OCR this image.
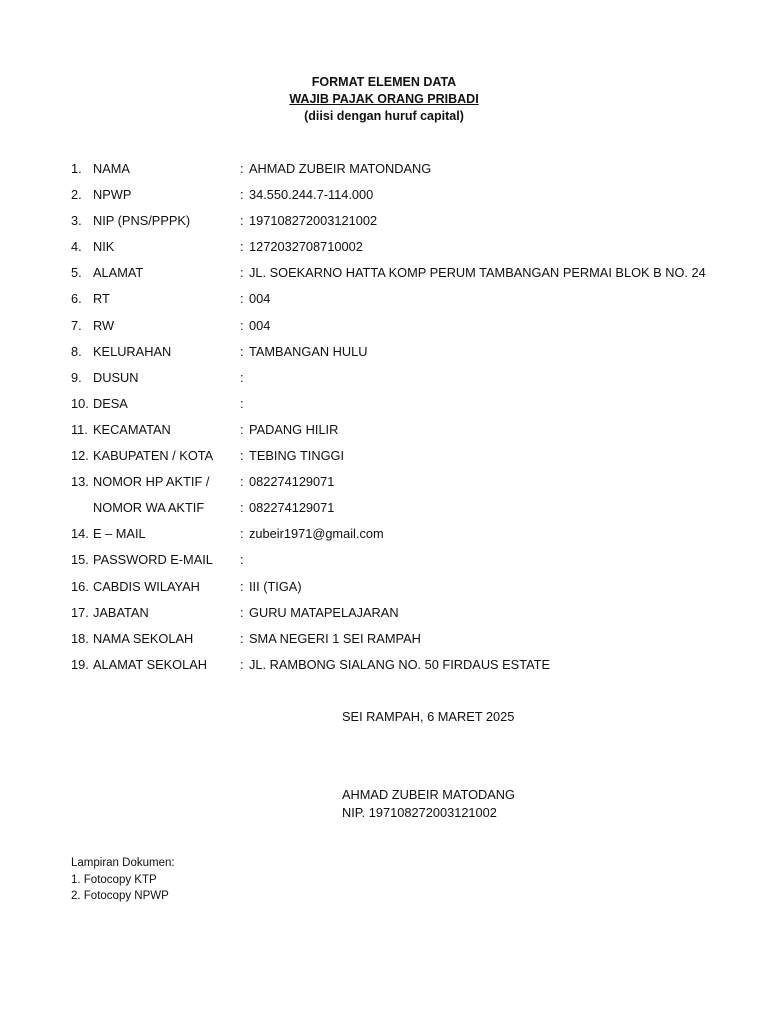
FORMAT ELEMEN DATA
WAJIB PAJAK ORANG PRIBADI
(diisi dengan huruf capital)
1. NAMA	: AHMAD ZUBEIR MATONDANG
2. NPWP	: 34.550.244.7-114.000
3. NIP (PNS/PPPK)	: 197108272003121002
4. NIK	: 1272032708710002
5. ALAMAT	: JL. SOEKARNO HATTA KOMP PERUM TAMBANGAN PERMAI BLOK B NO. 24
6. RT	: 004
7. RW	: 004
8. KELURAHAN	: TAMBANGAN HULU
9. DUSUN	:
10. DESA	:
11. KECAMATAN	: PADANG HILIR
12. KABUPATEN / KOTA : TEBING TINGGI
13. NOMOR HP AKTIF / : 082274129071
NOMOR WA AKTIF	: 082274129071
14. E – MAIL	: zubeir1971@gmail.com
15. PASSWORD E-MAIL :
16. CABDIS WILAYAH	: III (TIGA)
17. JABATAN	: GURU MATAPELAJARAN
18. NAMA SEKOLAH	: SMA NEGERI 1 SEI RAMPAH
19. ALAMAT SEKOLAH	: JL. RAMBONG SIALANG NO. 50 FIRDAUS ESTATE
SEI RAMPAH, 6 MARET 2025
AHMAD ZUBEIR MATODANG
NIP. 197108272003121002
Lampiran Dokumen:
1. Fotocopy KTP
2. Fotocopy NPWP
